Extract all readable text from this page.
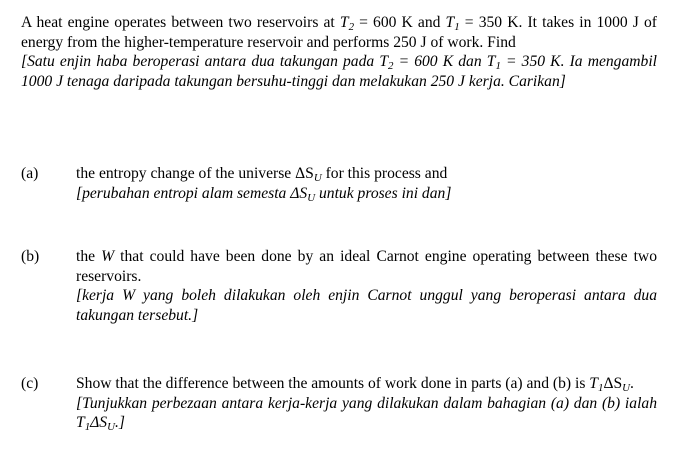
A heat engine operates between two reservoirs at $T_2 = 600$ K and $T_1 = 350$ K. It takes in 1000 J of energy from the higher-temperature reservoir and performs 250 J of work. Find

[Satu enjin haba beroperasi antara dua takungan pada $T_2 = 600$ K dan $T_1 = 350$ K. Ia mengambil 1000 J tenaga daripada takungan bersuhu-tinggi dan melakukan 250 J kerja. Carikan]

(a)	the entropy change of the universe $\Delta S_U$ for this process and

[perubahan entropi alam semesta $\Delta S_U$ untuk proses ini dan]

(b)	the W that could have been done by an ideal Carnot engine operating between these two reservoirs.

[kerja W yang boleh dilakukan oleh enjin Carnot unggul yang beroperasi antara dua takungan tersebut.]

(c)	Show that the difference between the amounts of work done in parts (a) and (b) is $T_1\Delta S_U$.

[Tunjukkan perbezaan antara kerja-kerja yang dilakukan dalam bahagian (a) dan (b) ialah $T_1\Delta S_U$.]
